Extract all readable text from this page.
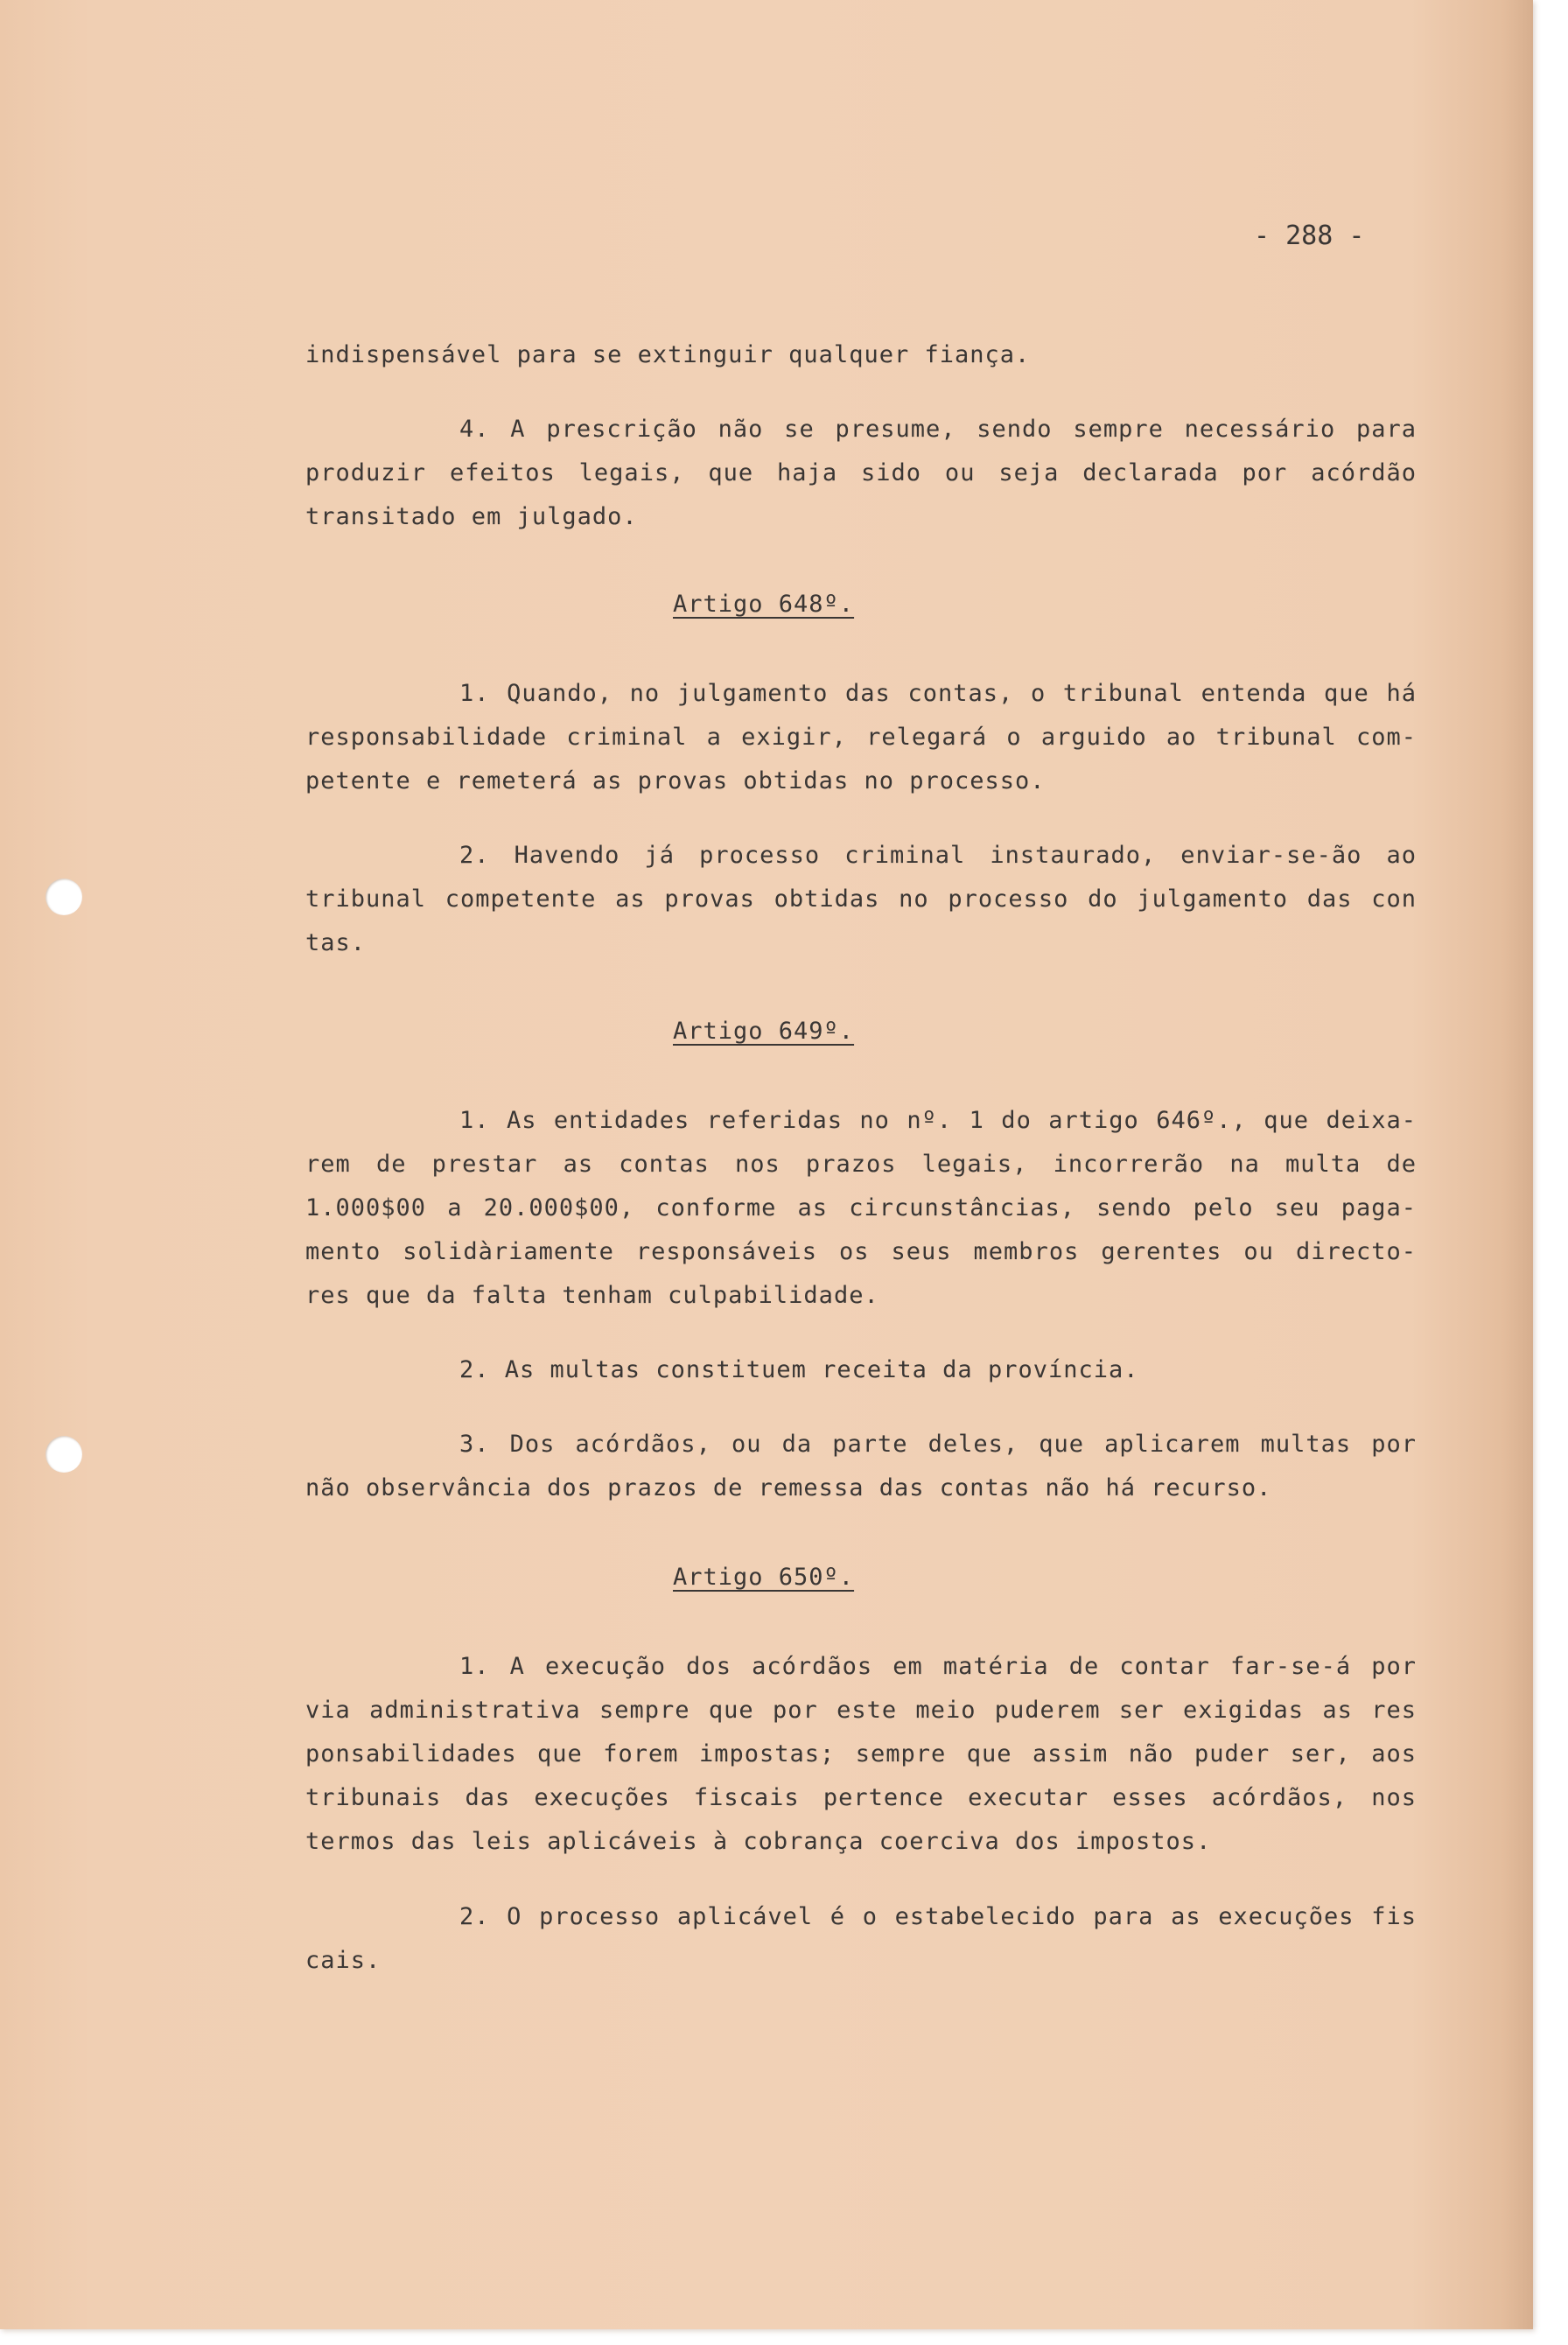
- 288 -
indispensável para se extinguir qualquer fiança.
4. A prescrição não se presume, sendo sempre necessário para
produzir efeitos legais, que haja sido ou seja declarada por acórdão
transitado em julgado.
Artigo 648º.
1. Quando, no julgamento das contas, o tribunal entenda que há
responsabilidade criminal a exigir, relegará o arguido ao tribunal com-
petente e remeterá as provas obtidas no processo.
2. Havendo já processo criminal instaurado, enviar-se-ão ao
tribunal competente as provas obtidas no processo do julgamento das con
tas.
Artigo 649º.
1. As entidades referidas no nº. 1 do artigo 646º., que deixa-
rem de prestar as contas nos prazos legais, incorrerão na multa de
1.000$00 a 20.000$00, conforme as circunstâncias, sendo pelo seu paga-
mento solidàriamente responsáveis os seus membros gerentes ou directo-
res que da falta tenham culpabilidade.
2. As multas constituem receita da província.
3. Dos acórdãos, ou da parte deles, que aplicarem multas por
não observância dos prazos de remessa das contas não há recurso.
Artigo 650º.
1. A execução dos acórdãos em matéria de contar far-se-á por
via administrativa sempre que por este meio puderem ser exigidas as res
ponsabilidades que forem impostas; sempre que assim não puder ser, aos
tribunais das execuções fiscais pertence executar esses acórdãos, nos
termos das leis aplicáveis à cobrança coerciva dos impostos.
2. O processo aplicável é o estabelecido para as execuções fis
cais.
